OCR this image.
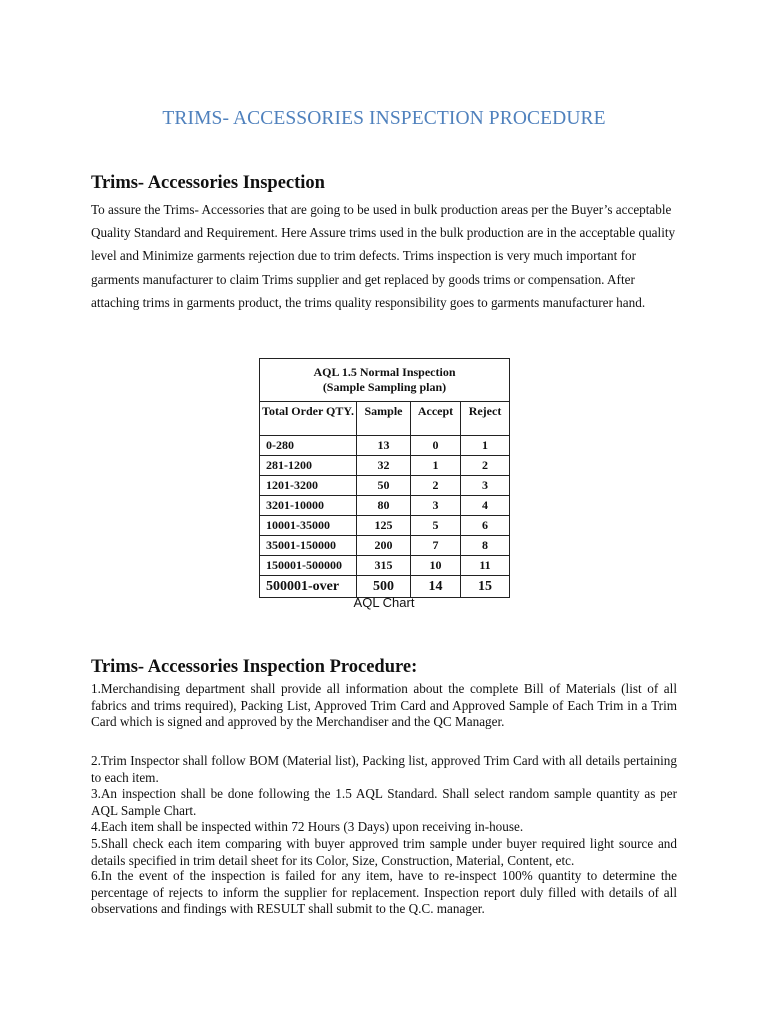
TRIMS- ACCESSORIES INSPECTION PROCEDURE
Trims- Accessories Inspection

To assure the Trims- Accessories that are going to be used in bulk production areas per the Buyer’s acceptable Quality Standard and Requirement. Here Assure trims used in the bulk production are in the acceptable quality level and Minimize garments rejection due to trim defects. Trims inspection is very much important for garments manufacturer to claim Trims supplier and get replaced by goods trims or compensation. After attaching trims in garments product, the trims quality responsibility goes to garments manufacturer hand.

AQL 1.5 Normal Inspection
(Sample Sampling plan)			
Total Order QTY.	Sample	Accept	Reject
0-280	13	0	1
281-1200	32	1	2
1201-3200	50	2	3
3201-10000	80	3	4
10001-35000	125	5	6
35001-150000	200	7	8
150001-500000	315	10	11
500001-over	500	14	15
AQL Chart
Trims- Accessories Inspection Procedure:

1.Merchandising department shall provide all information about the complete Bill of Materials (list of all fabrics and trims required), Packing List, Approved Trim Card and Approved Sample of Each Trim in a Trim Card which is signed and approved by the Merchandiser and the QC Manager.

2.Trim Inspector shall follow BOM (Material list), Packing list, approved Trim Card with all details pertaining to each item.

3.An inspection shall be done following the 1.5 AQL Standard. Shall select random sample quantity as per AQL Sample Chart.

4.Each item shall be inspected within 72 Hours (3 Days) upon receiving in-house.

5.Shall check each item comparing with buyer approved trim sample under buyer required light source and details specified in trim detail sheet for its Color, Size, Construction, Material, Content, etc.

6.In the event of the inspection is failed for any item, have to re-inspect 100% quantity to determine the percentage of rejects to inform the supplier for replacement. Inspection report duly filled with details of all observations and findings with RESULT shall submit to the Q.C. manager.
